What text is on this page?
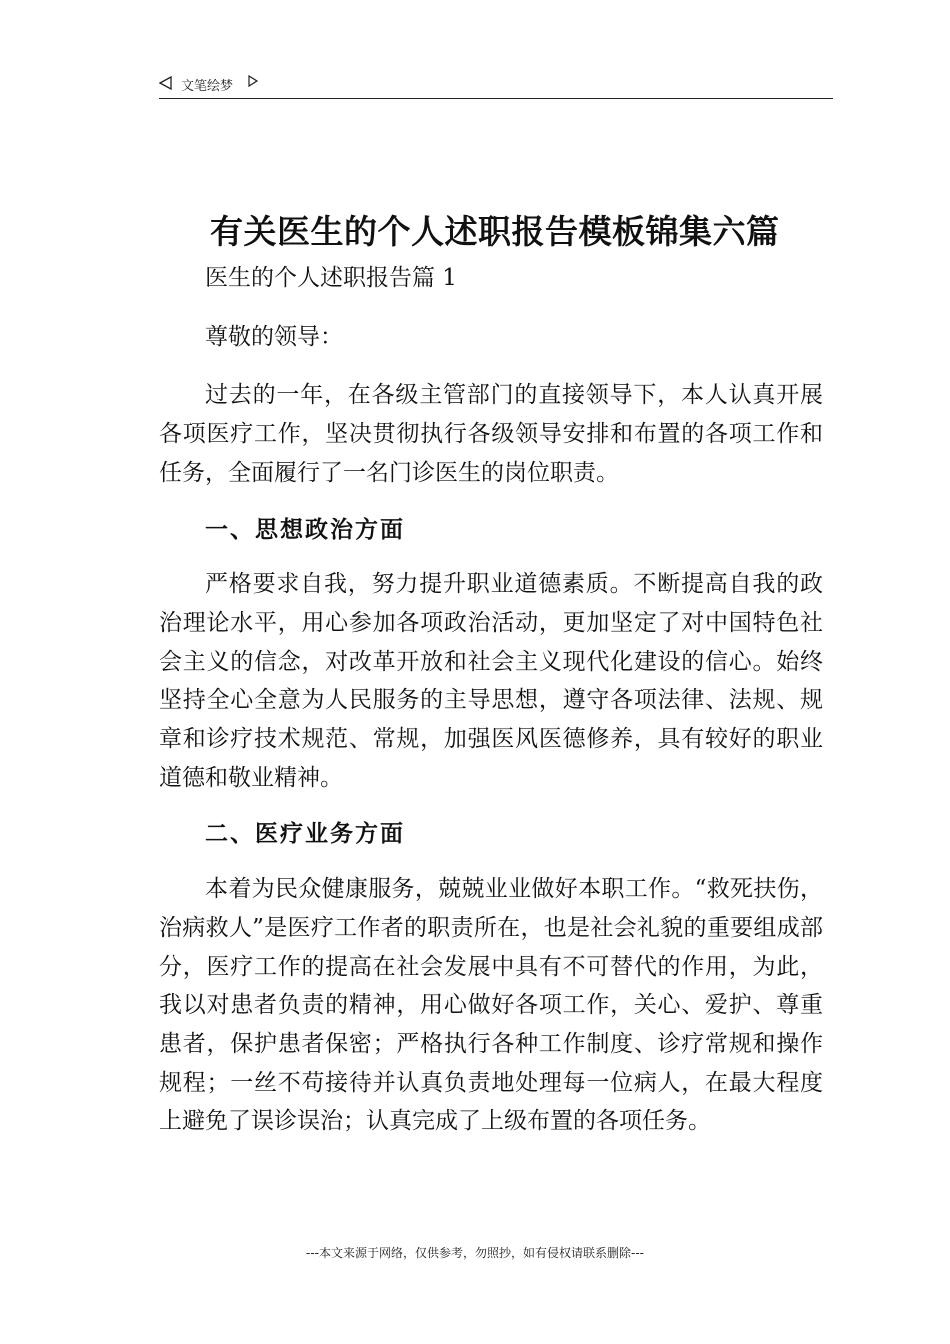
文笔绘梦
有关医生的个人述职报告模板锦集六篇

医生的个人述职报告篇 1

尊敬的领导：

过去的一年，在各级主管部门的直接领导下，本人认真开展各项医疗工作，坚决贯彻执行各级领导安排和布置的各项工作和任务，全面履行了一名门诊医生的岗位职责。

一、思想政治方面

严格要求自我，努力提升职业道德素质。不断提高自我的政治理论水平，用心参加各项政治活动，更加坚定了对中国特色社会主义的信念，对改革开放和社会主义现代化建设的信心。始终坚持全心全意为人民服务的主导思想，遵守各项法律、法规、规章和诊疗技术规范、常规，加强医风医德修养，具有较好的职业道德和敬业精神。

二、医疗业务方面

本着为民众健康服务，兢兢业业做好本职工作。“救死扶伤，治病救人”是医疗工作者的职责所在，也是社会礼貌的重要组成部分，医疗工作的提高在社会发展中具有不可替代的作用，为此，我以对患者负责的精神，用心做好各项工作，关心、爱护、尊重患者，保护患者保密；严格执行各种工作制度、诊疗常规和操作规程；一丝不苟接待并认真负责地处理每一位病人，在最大程度上避免了误诊误治；认真完成了上级布置的各项任务。

---本文来源于网络，仅供参考，勿照抄，如有侵权请联系删除---
